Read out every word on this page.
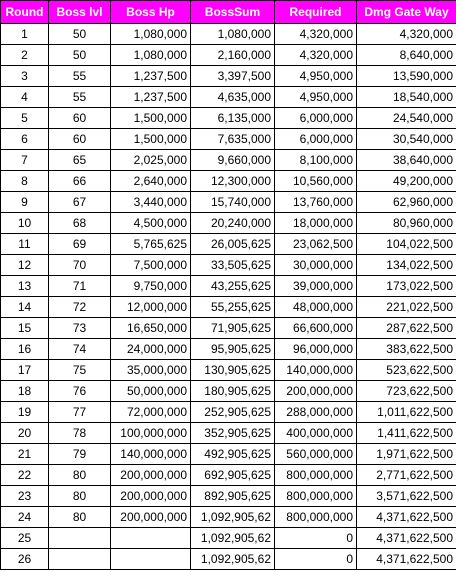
Round	Boss lvl	Boss Hp	BossSum	Required	Dmg Gate Way
1	50	1,080,000	1,080,000	4,320,000	4,320,000
2	50	1,080,000	2,160,000	4,320,000	8,640,000
3	55	1,237,500	3,397,500	4,950,000	13,590,000
4	55	1,237,500	4,635,000	4,950,000	18,540,000
5	60	1,500,000	6,135,000	6,000,000	24,540,000
6	60	1,500,000	7,635,000	6,000,000	30,540,000
7	65	2,025,000	9,660,000	8,100,000	38,640,000
8	66	2,640,000	12,300,000	10,560,000	49,200,000
9	67	3,440,000	15,740,000	13,760,000	62,960,000
10	68	4,500,000	20,240,000	18,000,000	80,960,000
11	69	5,765,625	26,005,625	23,062,500	104,022,500
12	70	7,500,000	33,505,625	30,000,000	134,022,500
13	71	9,750,000	43,255,625	39,000,000	173,022,500
14	72	12,000,000	55,255,625	48,000,000	221,022,500
15	73	16,650,000	71,905,625	66,600,000	287,622,500
16	74	24,000,000	95,905,625	96,000,000	383,622,500
17	75	35,000,000	130,905,625	140,000,000	523,622,500
18	76	50,000,000	180,905,625	200,000,000	723,622,500
19	77	72,000,000	252,905,625	288,000,000	1,011,622,500
20	78	100,000,000	352,905,625	400,000,000	1,411,622,500
21	79	140,000,000	492,905,625	560,000,000	1,971,622,500
22	80	200,000,000	692,905,625	800,000,000	2,771,622,500
23	80	200,000,000	892,905,625	800,000,000	3,571,622,500
24	80	200,000,000	1,092,905,62	800,000,000	4,371,622,500
25			1,092,905,62	0	4,371,622,500
26			1,092,905,62	0	4,371,622,500
